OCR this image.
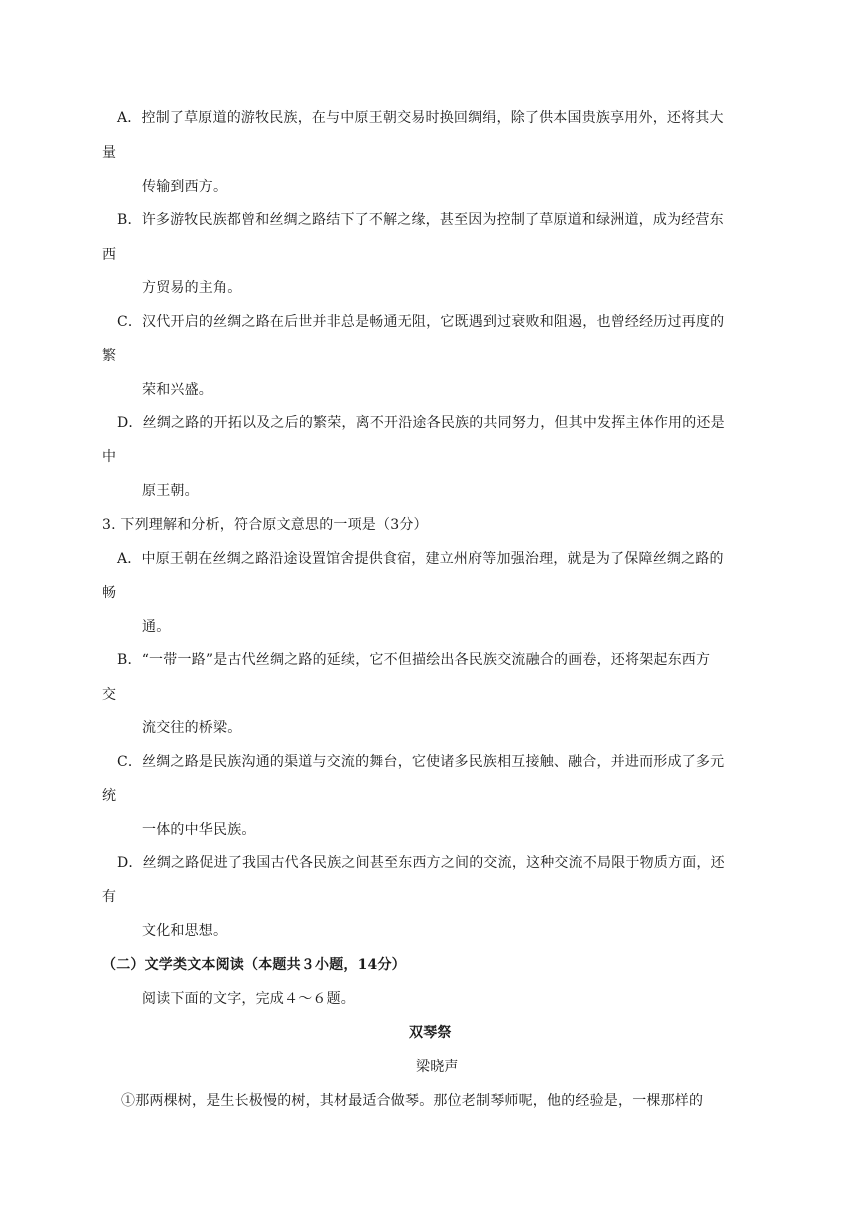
A．控制了草原道的游牧民族，在与中原王朝交易时换回绸绢，除了供本国贵族享用外，还将其大
量
传输到西方。
B．许多游牧民族都曾和丝绸之路结下了不解之缘，甚至因为控制了草原道和绿洲道，成为经营东
西
方贸易的主角。
C．汉代开启的丝绸之路在后世并非总是畅通无阻，它既遇到过衰败和阻遏，也曾经经历过再度的
繁
荣和兴盛。
D．丝绸之路的开拓以及之后的繁荣，离不开沿途各民族的共同努力，但其中发挥主体作用的还是
中
原王朝。
3. 下列理解和分析，符合原文意思的一项是（3分）
A．中原王朝在丝绸之路沿途设置馆舍提供食宿，建立州府等加强治理，就是为了保障丝绸之路的
畅
通。
B．“一带一路”是古代丝绸之路的延续，它不但描绘出各民族交流融合的画卷，还将架起东西方
交
流交往的桥梁。
C．丝绸之路是民族沟通的渠道与交流的舞台，它使诸多民族相互接触、融合，并进而形成了多元
统
一体的中华民族。
D．丝绸之路促进了我国古代各民族之间甚至东西方之间的交流，这种交流不局限于物质方面，还
有
文化和思想。
（二）文学类文本阅读（本题共３小题，14分）
阅读下面的文字，完成４～６题。
双琴祭
梁晓声
①那两棵树，是生长极慢的树，其材最适合做琴。那位老制琴师呢，他的经验是，一棵那样的
